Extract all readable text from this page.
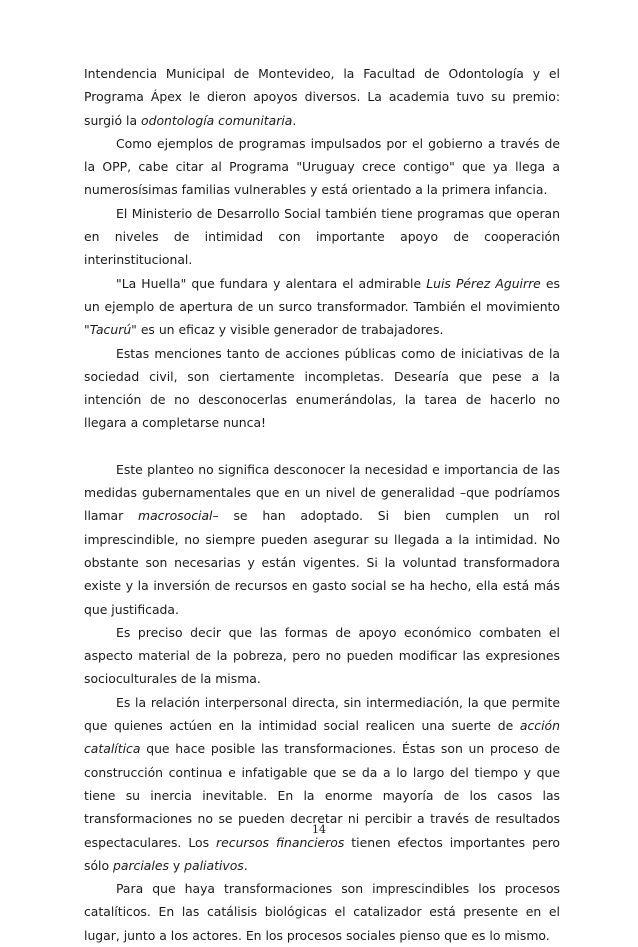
Intendencia Municipal de Montevideo, la Facultad de Odontología y el Programa Ápex le dieron apoyos diversos. La academia tuvo su premio: surgió la odontología comunitaria.

Como ejemplos de programas impulsados por el gobierno a través de la OPP, cabe citar al Programa "Uruguay crece contigo" que ya llega a numerosísimas familias vulnerables y está orientado a la primera infancia.

El Ministerio de Desarrollo Social también tiene programas que operan en niveles de intimidad con importante apoyo de cooperación interinstitucional.

"La Huella" que fundara y alentara el admirable Luis Pérez Aguirre es un ejemplo de apertura de un surco transformador. También el movimiento "Tacurú" es un eficaz y visible generador de trabajadores.

Estas menciones tanto de acciones públicas como de iniciativas de la sociedad civil, son ciertamente incompletas. Desearía que pese a la intención de no desconocerlas enumerándolas, la tarea de hacerlo no llegara a completarse nunca!

Este planteo no significa desconocer la necesidad e importancia de las medidas gubernamentales que en un nivel de generalidad –que podríamos llamar macrosocial– se han adoptado. Si bien cumplen un rol imprescindible, no siempre pueden asegurar su llegada a la intimidad. No obstante son necesarias y están vigentes. Si la voluntad transformadora existe y la inversión de recursos en gasto social se ha hecho, ella está más que justificada.

Es preciso decir que las formas de apoyo económico combaten el aspecto material de la pobreza, pero no pueden modificar las expresiones socioculturales de la misma.

Es la relación interpersonal directa, sin intermediación, la que permite que quienes actúen en la intimidad social realicen una suerte de acción catalítica que hace posible las transformaciones. Éstas son un proceso de construcción continua e infatigable que se da a lo largo del tiempo y que tiene su inercia inevitable. En la enorme mayoría de los casos las transformaciones no se pueden decretar ni percibir a través de resultados espectaculares. Los recursos financieros tienen efectos importantes pero sólo parciales y paliativos.

Para que haya transformaciones son imprescindibles los procesos catalíticos. En las catálisis biológicas el catalizador está presente en el lugar, junto a los actores. En los procesos sociales pienso que es lo mismo.

14
